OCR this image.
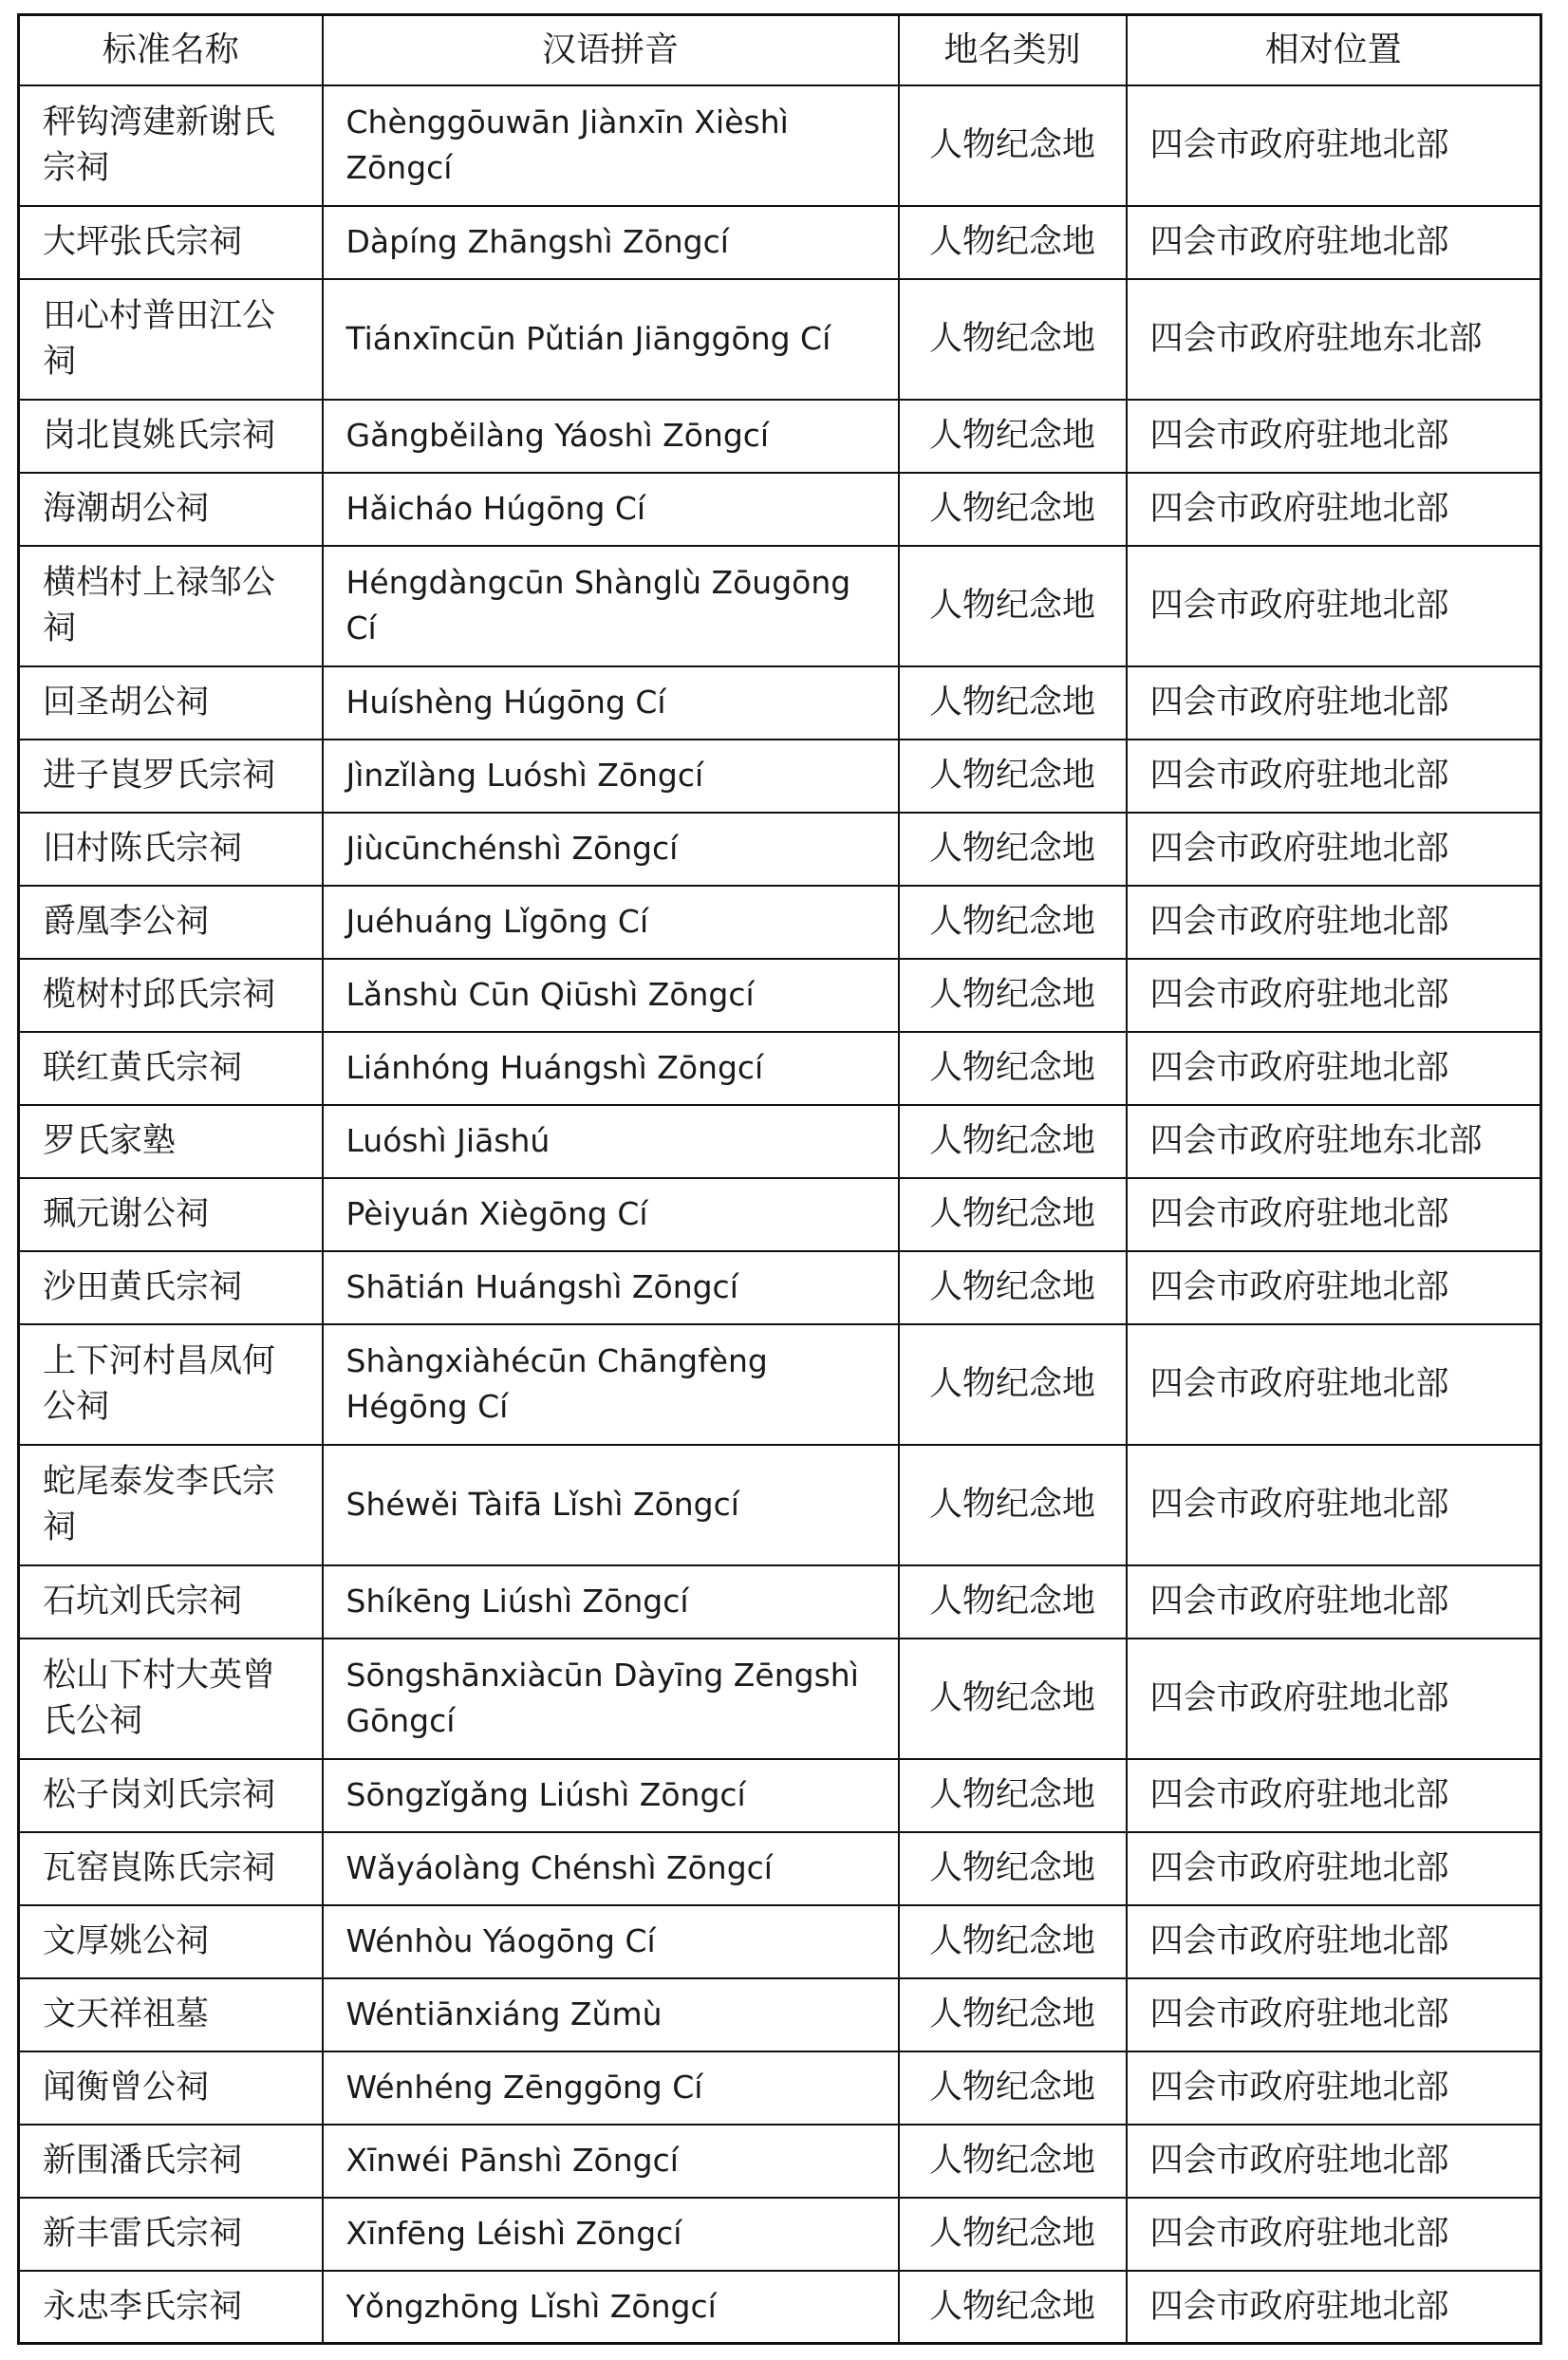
标准名称	汉语拼音	地名类别	相对位置
秤钩湾建新谢氏宗祠	Chènggōuwān Jiànxīn Xièshì Zōngcí	人物纪念地	四会市政府驻地北部
大坪张氏宗祠	Dàpíng Zhāngshì Zōngcí	人物纪念地	四会市政府驻地北部
田心村普田江公祠	Tiánxīncūn Pǔtián Jiānggōng Cí	人物纪念地	四会市政府驻地东北部
岗北崀姚氏宗祠	Gǎngběilàng Yáoshì Zōngcí	人物纪念地	四会市政府驻地北部
海潮胡公祠	Hǎicháo Húgōng Cí	人物纪念地	四会市政府驻地北部
横档村上禄邹公祠	Héngdàngcūn Shànglù Zōugōng Cí	人物纪念地	四会市政府驻地北部
回圣胡公祠	Huíshèng Húgōng Cí	人物纪念地	四会市政府驻地北部
进子崀罗氏宗祠	Jìnzǐlàng Luóshì Zōngcí	人物纪念地	四会市政府驻地北部
旧村陈氏宗祠	Jiùcūnchénshì Zōngcí	人物纪念地	四会市政府驻地北部
爵凰李公祠	Juéhuáng Lǐgōng Cí	人物纪念地	四会市政府驻地北部
榄树村邱氏宗祠	Lǎnshù Cūn Qiūshì Zōngcí	人物纪念地	四会市政府驻地北部
联红黄氏宗祠	Liánhóng Huángshì Zōngcí	人物纪念地	四会市政府驻地北部
罗氏家塾	Luóshì Jiāshú	人物纪念地	四会市政府驻地东北部
珮元谢公祠	Pèiyuán Xiègōng Cí	人物纪念地	四会市政府驻地北部
沙田黄氏宗祠	Shātián Huángshì Zōngcí	人物纪念地	四会市政府驻地北部
上下河村昌凤何公祠	Shàngxiàhécūn Chāngfèng Hégōng Cí	人物纪念地	四会市政府驻地北部
蛇尾泰发李氏宗祠	Shéwěi Tàifā Lǐshì Zōngcí	人物纪念地	四会市政府驻地北部
石坑刘氏宗祠	Shíkēng Liúshì Zōngcí	人物纪念地	四会市政府驻地北部
松山下村大英曾氏公祠	Sōngshānxiàcūn Dàyīng Zēngshì Gōngcí	人物纪念地	四会市政府驻地北部
松子岗刘氏宗祠	Sōngzǐgǎng Liúshì Zōngcí	人物纪念地	四会市政府驻地北部
瓦窑崀陈氏宗祠	Wǎyáolàng Chénshì Zōngcí	人物纪念地	四会市政府驻地北部
文厚姚公祠	Wénhòu Yáogōng Cí	人物纪念地	四会市政府驻地北部
文天祥祖墓	Wéntiānxiáng Zǔmù	人物纪念地	四会市政府驻地北部
闻衡曾公祠	Wénhéng Zēnggōng Cí	人物纪念地	四会市政府驻地北部
新围潘氏宗祠	Xīnwéi Pānshì Zōngcí	人物纪念地	四会市政府驻地北部
新丰雷氏宗祠	Xīnfēng Léishì Zōngcí	人物纪念地	四会市政府驻地北部
永忠李氏宗祠	Yǒngzhōng Lǐshì Zōngcí	人物纪念地	四会市政府驻地北部
